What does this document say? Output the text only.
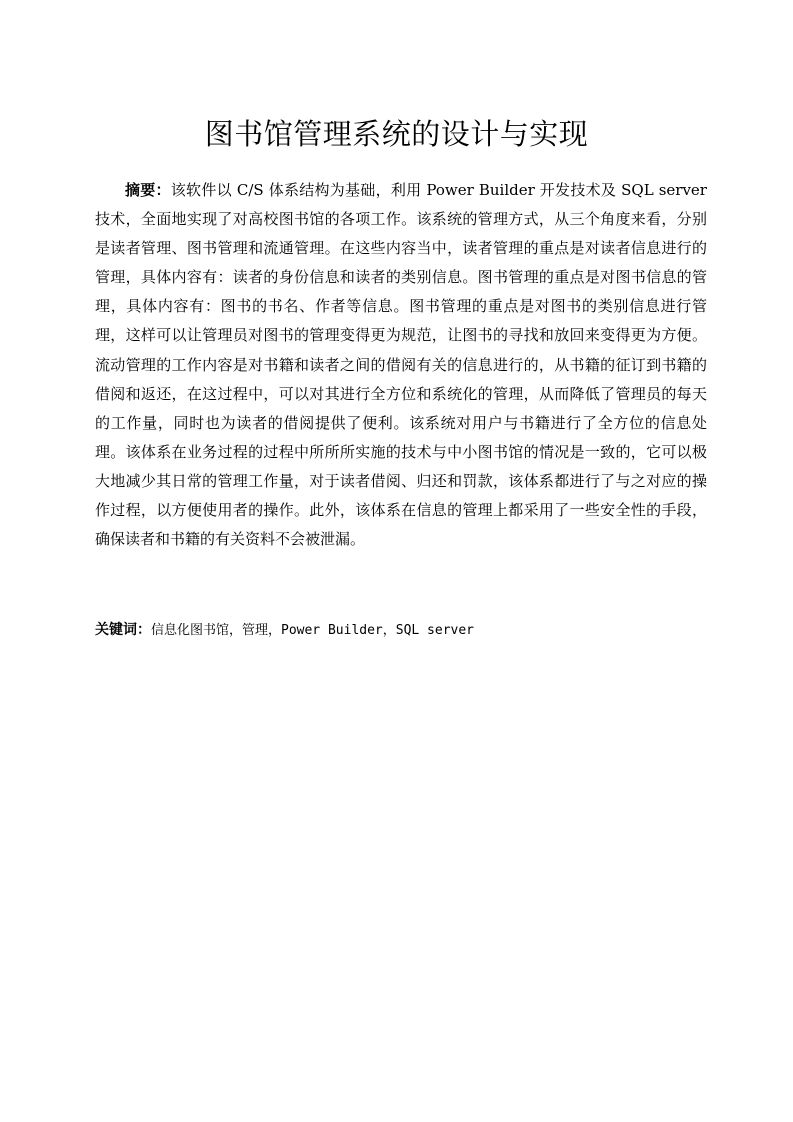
图书馆管理系统的设计与实现

摘要：该软件以 C/S 体系结构为基础，利用 Power Builder 开发技术及 SQL server 技术，全面地实现了对高校图书馆的各项工作。该系统的管理方式，从三个角度来看，分别是读者管理、图书管理和流通管理。在这些内容当中，读者管理的重点是对读者信息进行的管理，具体内容有：读者的身份信息和读者的类别信息。图书管理的重点是对图书信息的管理，具体内容有：图书的书名、作者等信息。图书管理的重点是对图书的类别信息进行管理，这样可以让管理员对图书的管理变得更为规范，让图书的寻找和放回来变得更为方便。流动管理的工作内容是对书籍和读者之间的借阅有关的信息进行的，从书籍的征订到书籍的借阅和返还，在这过程中，可以对其进行全方位和系统化的管理，从而降低了管理员的每天的工作量，同时也为读者的借阅提供了便利。该系统对用户与书籍进行了全方位的信息处理。该体系在业务过程的过程中所所所实施的技术与中小图书馆的情况是一致的，它可以极大地减少其日常的管理工作量，对于读者借阅、归还和罚款，该体系都进行了与之对应的操作过程，以方便使用者的操作。此外，该体系在信息的管理上都采用了一些安全性的手段，确保读者和书籍的有关资料不会被泄漏。

关键词：信息化图书馆，管理，Power Builder，SQL server
